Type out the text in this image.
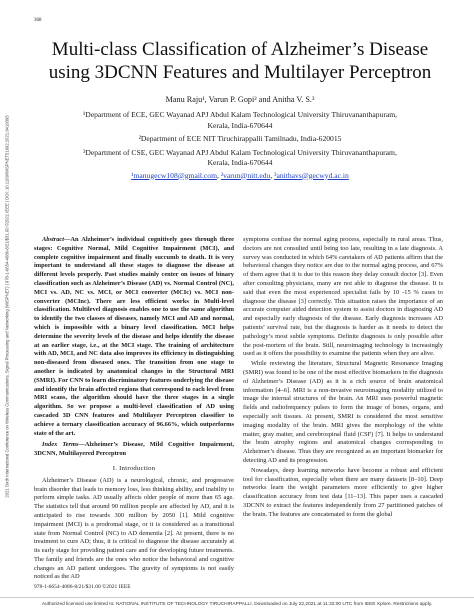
368
2021 Sixth International Conference on Wireless Communications, Signal Processing and Networking (WiSPNET) | 978-1-6654-4086-8/21/$31.00 ©2021 IEEE | DOI: 10.1109/WISPNET51692.2021.9419393
Multi-class Classification of Alzheimer’s Disease using 3DCNN Features and Multilayer Perceptron
Manu Raju¹, Varun P. Gopi² and Anitha V. S.³
¹Department of ECE, GEC Wayanad APJ Abdul Kalam Technological University Thiruvananthapuram,
Kerala, India-670644
²Department of ECE NIT Tiruchirappalli Tamilnadu, India-620015
³Department of CSE, GEC Wayanad APJ Abdul Kalam Technological University Thiruvananthapuram,
Kerala, India-670644
¹manugecw108@gmail.com, ²varun@nitt.edu, ³anithavs@gecwyd.ac.in

Abstract—An Alzheimer’s individual cognitively goes through three stages: Cognitive Normal, Mild Cognitive Impairment (MCI), and complete cognitive impairment and finally succumb to death. It is very important to understand all these stages to diagnose the disease at different levels properly. Past studies mainly center on issues of binary classification such as Alzheimer’s Disease (AD) vs. Normal Control (NC), MCI vs. AD, NC vs. MCI, or MCI converter (MCIc) vs. MCI non-converter (MCInc). There are less efficient works in Multi-level classification. Multilevel diagnosis enables one to use the same algorithm to identify the two classes of diseases, namely MCI and AD and normal, which is impossible with a binary level classification. MCI helps determine the severity levels of the disease and helps identify the disease at an earlier stage, i.e., at the MCI stage. The training of architecture with AD, MCI, and NC data also improves its efficiency in distinguishing non-diseased from diseased ones. The transition from one stage to another is indicated by anatomical changes in the Structural MRI (SMRI). For CNN to learn discriminatory features underlying the disease and identify the brain affected regions that correspond to each level from MRI scans, the algorithm should have the three stages in a single algorithm. So we propose a multi-level classification of AD using cascaded 3D CNN features and Multilayer Perceptron classifier to achieve a ternary classification accuracy of 96.66%, which outperforms state of the art.

Index Terms—Alzheimer’s Disease, Mild Cognitive Impairment, 3DCNN, Multilayered Perceptron

I. Introduction

Alzheimer’s Disease (AD) is a neurological, chronic, and progressive brain disorder that leads to memory loss, less thinking ability, and inability to perform simple tasks. AD usually affects older people of more than 65 age. The statistics tell that around 90 million people are affected by AD, and it is anticipated to rise towards 300 million by 2050 [1]. Mild cognitive impairment (MCI) is a prodromal stage, or it is considered as a transitional state from Normal Control (NC) to AD dementia [2]. At present, there is no treatment to cure AD; thus, it is critical to diagnose the disease accurately at its early stage for providing patient care and for developing future treatments. The family and friends are the ones who notice the behavioral and cognitive changes an AD patient undergoes. The gravity of symptoms is not easily noticed as the AD

symptoms confuse the normal aging process, especially in rural areas. Thus, doctors are not consulted until being too late, resulting in a late diagnosis. A survey was conducted in which 64% caretakers of AD patients affirm that the behavioral changes they notice are due to the normal aging process, and 67% of them agree that it is due to this reason they delay consult doctor [3]. Even after consulting physicians, many are not able to diagnose the disease. It is said that even the most experienced specialist fails by 10 -15 % cases to diagnose the disease [3] correctly. This situation raises the importance of an accurate computer aided detection system to assist doctors in diagnosing AD and especially early diagnosis of the disease. Early diagnosis increases AD patients’ survival rate, but the diagnosis is harder as it needs to detect the pathology’s most subtle symptoms. Definite diagnosis is only possible after the post-mortem of the brain. Still, neuroimaging technology is increasingly used as it offers the possibility to examine the patients when they are alive.

While reviewing the literature, Structural Magnetic Resonance Imaging (SMRI) was found to be one of the most effective biomarkers in the diagnosis of Alzheimer’s Disease (AD) as it is a rich source of brain anatomical information [4–6]. MRI is a non-invasive neuroimaging modality utilized to image the internal structures of the brain. An MRI uses powerful magnetic fields and radiofrequency pulses to form the image of bones, organs, and especially soft tissues. At present, SMRI is considered the most sensitive imaging modality of the brain. MRI gives the morphology of the white matter, gray matter, and cerebrospinal fluid (CSF) [7]. It helps to understand the brain atrophy regions and anatomical changes corresponding to Alzheimer’s disease. Thus they are recognized as an important biomarker for detecting AD and its progression.

Nowadays, deep learning networks have become a robust and efficient tool for classification, especially when there are many datasets [8–10]. Deep networks learn the weight parameters more efficiently to give higher classification accuracy from test data [11–13]. This paper uses a cascaded 3DCNN to extract the features independently from 27 partitioned patches of the brain. The features are concatenated to form the global

978-1-6654-4086-8/21/$31.00 ©2021 IEEE
Authorized licensed use limited to: NATIONAL INSTITUTE OF TECHNOLOGY TIRUCHIRAPPALLI. Downloaded on July 22,2021 at 11:32:00 UTC from IEEE Xplore. Restrictions apply.
